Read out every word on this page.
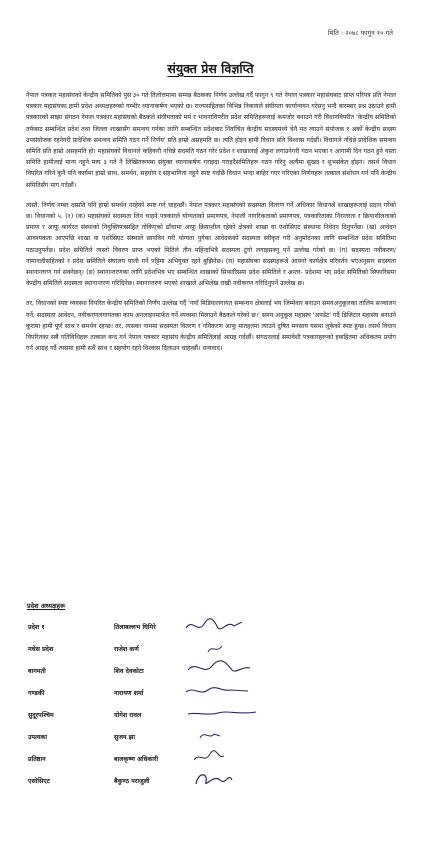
मिति : २०७८ फागुन १० गते
संयुक्त प्रेस विज्ञप्ति

नेपाल पत्रकार महासंघको केन्द्रीय समितिको पुस ३० गते तिलोत्तमामा सम्पन्न बैठकका निर्णय उल्लेख गर्दै फागुन ९ गते नेपाल पत्रकार महासंघबाट प्राप्त परिपत्र प्रति नेपाल पत्रकार महासंघका हामी प्रदेश अध्यक्षहरूको गम्भीर ध्यानाकर्षण भएको छ। राज्यसहितका विभिन्न निकायले संघीयता कार्यान्वयन गरेसनु भन्दै बारम्बार प्रश्न उठाउने हामी पत्रकारको साझा संगठन नेपाल पत्रकार महासंघको बैठकले संघीयताको मर्म र भावनाविपरीत प्रदेश समितिहरूलाई कमजोर बनाउने गरी विधानविपरीत 'केन्द्रीय समितिको तर्फबाट सम्बन्धित प्रदेश तथा जिल्ला शाखासँग समन्वय गर्नका लागि सम्बन्धित प्रदेशबाट निर्वाचित केन्द्रीय सदस्यमध्ये चेनै मत त्याउने संयोजक र अर्को केन्द्रीय सदस्य उपसंयोजक रहनेगरी प्रादेशिक समन्वय समिति गठन गर्ने निर्णय' प्रति हाम्रो असहमति छ। त्यति होइन हामी विधान प्रति विश्वास गर्दछौं। विधानले नचिन्ने प्रादेशिक समन्वय समिति प्रति हाम्रो असहमति हो। महासंघको विधानले कहिकरौ नचिन्ने सदमति गठन गरेर प्रदेश र शाखालाई अंकुश लगाउनेगरी गठन भएका र आगामी दिन गठन हुने यस्ता समिति हामीलाई मान्य नहुने माघ ३ गते नै लिखितरूपमा संयुक्त ध्यानाकर्षण गराइदा गराइदैसमितिहरू गठन गरिनु अत्यैमा सुखद र शुभसंकेत होइन। तसर्थ विधान विपरित गरिने कुनै पनि कार्यमा हाम्रो साथ, समर्थन, सहयोग र सहभागिता नहुने स्पष्ट गर्दाछै विधान भन्दा बाहिर गएर गरिएका निर्णयहरू तत्काल संशोधन गर्न पनि केन्द्रीय समितिसँग माग गर्दछौं।

त्यस्तै, निर्णय नम्बर दस्प्रति पनि हाम्रो समर्थन नरहेको स्पष्ट गर्न चाहन्छौं। नेपाल पत्रकार महासंघको सदस्यता वितरण गर्ने अधिकार विधानले शाखाहरूलाई प्रदान गरेको छ। विधानको ५. (१) (क) महासंघको सदस्यता लिन चाहने पत्रकारले योग्यताको प्रमाणपत्र, नेपाली नागरिकताको प्रमाणपत्र, पत्रकारिताका निरन्तरता र क्रियाशीलताको प्रमाण र आफू कार्यरत संस्थाको नियुक्तिपत्रसहित तोकिएको ढाँचामा आफू क्रियाशील रहेको क्षेत्रको शाखा वा एशोसिएट संस्थामा निवेदन दिनुपर्नेछ। (ख) आवेदन आवश्यकता आएपछि शाखा वा एशोसिएट संस्थाले छानविन गरी योग्यता पुगेका आवेदकको सदस्यता स्वीकृत गरी अनुमोदनका लागि सम्बन्धित प्रदेश समितिमा पठाउनुपर्नेछ। प्रदेश समितिले त्यस्तो विवरण प्राप्त भएको मितिले तीन महिनाभित्रै सदस्यता टुंगो लगाइसक्नु पर्ने उल्लेख गरेको छ। (ग) सदस्यता नवीकरण/नामावलीसहितको र प्रदेश समितिले संघालय पाली गर्ने पट्टिमा अभियुक्त रहने बुझिनेछ। (घ) महासंघका सदस्यहरूले आफ्नो कार्यक्षेत्र परिवर्तन भएअनुसार सदस्यता स्थानान्तरण गर्न सक्नेछन्। (ङ) स्थानान्तरणका लागि प्रदेशभित्र भए सम्बन्धित शाखाको सिफारिसमा प्रदेश समितिले र अन्तर- प्रदेशमा भए प्रदेश समितिको सिफारिसमा केन्द्रीय समितिले सदस्यता स्थानान्तरण गरिदिनेछ। स्थानान्तरण भएको शाखाले अभिलेख राखी नवीकरण गरिदिनुपर्ने उल्लेख छ।

तर, विधानको स्पष्ट व्यवस्था विपरित केन्द्रीय समितिको निर्णय उल्लेख गर्दै 'नयाँ मिडियालगायत सम्बन्धन क्षेत्रलाई भय जिम्मेवार बनाउन समयअनुकूलका तालिम सञ्चालन गर्ने, सदस्यता आवेदन, नवीकरणलगायतका काम अनलाइनमार्फत गर्ने व्यवस्था मिलाउने बैठकले गरेको छ।' समय अनुकूल महासंघ 'अपडेट' गर्दै डिजिटल महासंघ बनाउने कुरामा हामी पूर्ण साथ र समर्थन रहन्छ। तर, त्यसका नाममा सदस्यता वितरण र नविकरण आफू मातहतमा त्याउने दुषित मनसाय यसमा लुकेको स्पष्ट हुन्छ। तसर्थ विधान विपरितका सबै गतिविधिहरू तत्काल बन्द गर्न नेपाल पत्रकार महासंघ केन्द्रीय समितिलाई आग्रह गर्दछौं। संगठनलाई समावेशी पत्रकारहरूको हकहितमा अधिकतम प्रयोग गर्न आग्रह गर्दै त्यसमा हामी सधैं साथ र सहयोग रहने विश्वास दिलाउन चाहन्छौं। धन्यवाद।

प्रदेश अध्यक्षहरू
प्रदेश १	तिलाबल्लभ घिमिरे
मधेस प्रदेश	राजेश कर्ण
बागमती	शिव देवकोटा
गण्डकी	नारायण शर्मा
सुदूरपश्चिम	योगेश रावल
उपत्यका	सुजन झा
प्रतिष्ठान	बालकृष्ण अधिकारी
एसोसिएट	बैकुण्ठ पराजुली
